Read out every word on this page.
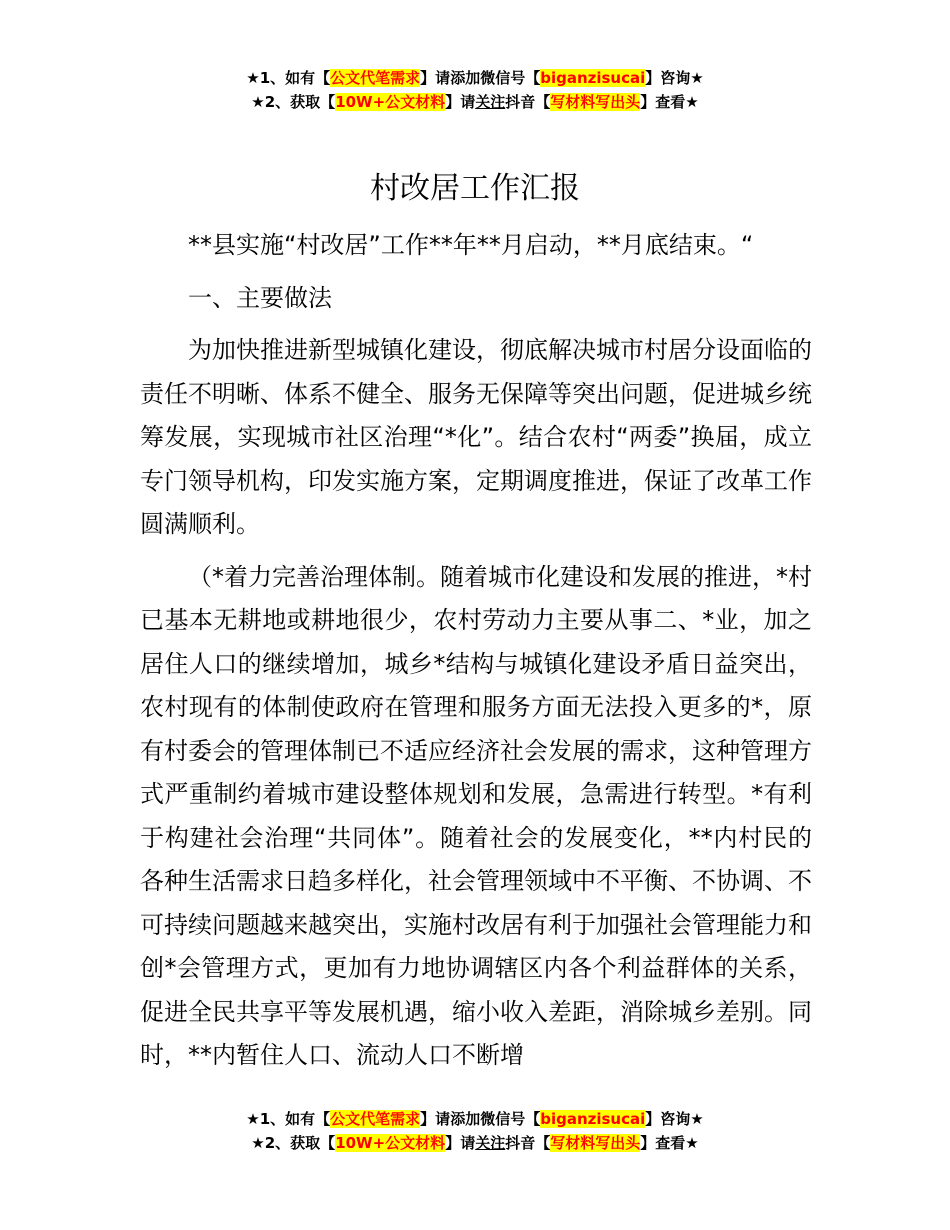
★1、如有【公文代笔需求】请添加微信号【biganzisucai】咨询★
★2、获取【10W+公文材料】请关注抖音【写材料写出头】查看★
村改居工作汇报

**县实施“村改居”工作**年**月启动，**月底结束。“

一、主要做法

为加快推进新型城镇化建设，彻底解决城市村居分设面临的责任不明晰、体系不健全、服务无保障等突出问题，促进城乡统筹发展，实现城市社区治理“*化”。结合农村“两委”换届，成立专门领导机构，印发实施方案，定期调度推进，保证了改革工作圆满顺利。

（*着力完善治理体制。随着城市化建设和发展的推进，*村已基本无耕地或耕地很少，农村劳动力主要从事二、*业，加之居住人口的继续增加，城乡*结构与城镇化建设矛盾日益突出，农村现有的体制使政府在管理和服务方面无法投入更多的*，原有村委会的管理体制已不适应经济社会发展的需求，这种管理方式严重制约着城市建设整体规划和发展，急需进行转型。*有利于构建社会治理“共同体”。随着社会的发展变化，**内村民的各种生活需求日趋多样化，社会管理领域中不平衡、不协调、不可持续问题越来越突出，实施村改居有利于加强社会管理能力和创*会管理方式，更加有力地协调辖区内各个利益群体的关系，促进全民共享平等发展机遇，缩小收入差距，消除城乡差别。同时，**内暂住人口、流动人口不断增

★1、如有【公文代笔需求】请添加微信号【biganzisucai】咨询★
★2、获取【10W+公文材料】请关注抖音【写材料写出头】查看★
